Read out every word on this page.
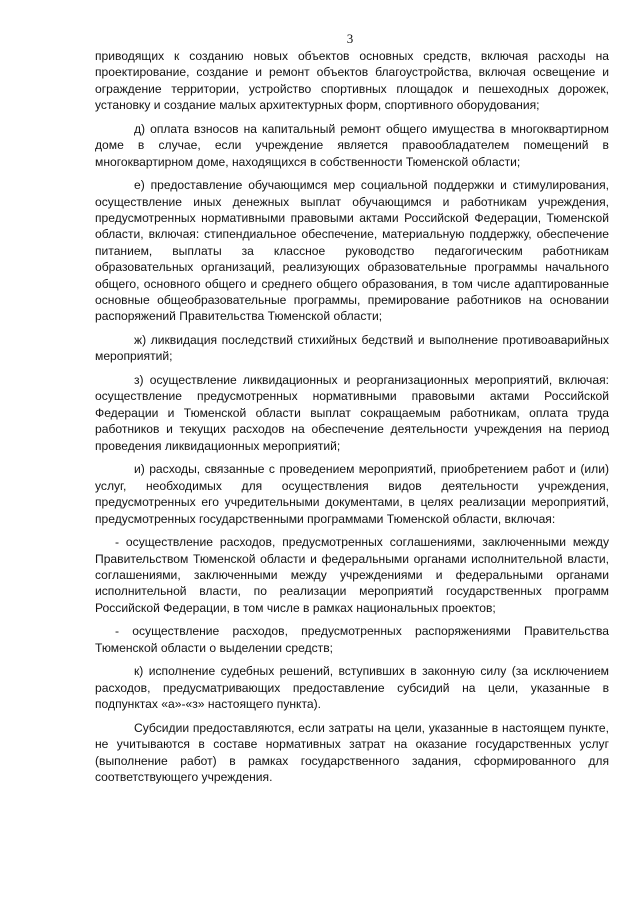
3

приводящих к созданию новых объектов основных средств, включая расходы на проектирование, создание и ремонт объектов благоустройства, включая освещение и ограждение территории, устройство спортивных площадок и пешеходных дорожек, установку и создание малых архитектурных форм, спортивного оборудования;

д) оплата взносов на капитальный ремонт общего имущества в многоквартирном доме в случае, если учреждение является правообладателем помещений в многоквартирном доме, находящихся в собственности Тюменской области;

е) предоставление обучающимся мер социальной поддержки и стимулирования, осуществление иных денежных выплат обучающимся и работникам учреждения, предусмотренных нормативными правовыми актами Российской Федерации, Тюменской области, включая: стипендиальное обеспечение, материальную поддержку, обеспечение питанием, выплаты за классное руководство педагогическим работникам образовательных организаций, реализующих образовательные программы начального общего, основного общего и среднего общего образования, в том числе адаптированные основные общеобразовательные программы, премирование работников на основании распоряжений Правительства Тюменской области;

ж) ликвидация последствий стихийных бедствий и выполнение противоаварийных мероприятий;

з) осуществление ликвидационных и реорганизационных мероприятий, включая: осуществление предусмотренных нормативными правовыми актами Российской Федерации и Тюменской области выплат сокращаемым работникам, оплата труда работников и текущих расходов на обеспечение деятельности учреждения на период проведения ликвидационных мероприятий;

и) расходы, связанные с проведением мероприятий, приобретением работ и (или) услуг, необходимых для осуществления видов деятельности учреждения, предусмотренных его учредительными документами, в целях реализации мероприятий, предусмотренных государственными программами Тюменской области, включая:

- осуществление расходов, предусмотренных соглашениями, заключенными между Правительством Тюменской области и федеральными органами исполнительной власти, соглашениями, заключенными между учреждениями и федеральными органами исполнительной власти, по реализации мероприятий государственных программ Российской Федерации, в том числе в рамках национальных проектов;

- осуществление расходов, предусмотренных распоряжениями Правительства Тюменской области о выделении средств;

к) исполнение судебных решений, вступивших в законную силу (за исключением расходов, предусматривающих предоставление субсидий на цели, указанные в подпунктах «а»-«з» настоящего пункта).

Субсидии предоставляются, если затраты на цели, указанные в настоящем пункте, не учитываются в составе нормативных затрат на оказание государственных услуг (выполнение работ) в рамках государственного задания, сформированного для соответствующего учреждения.
